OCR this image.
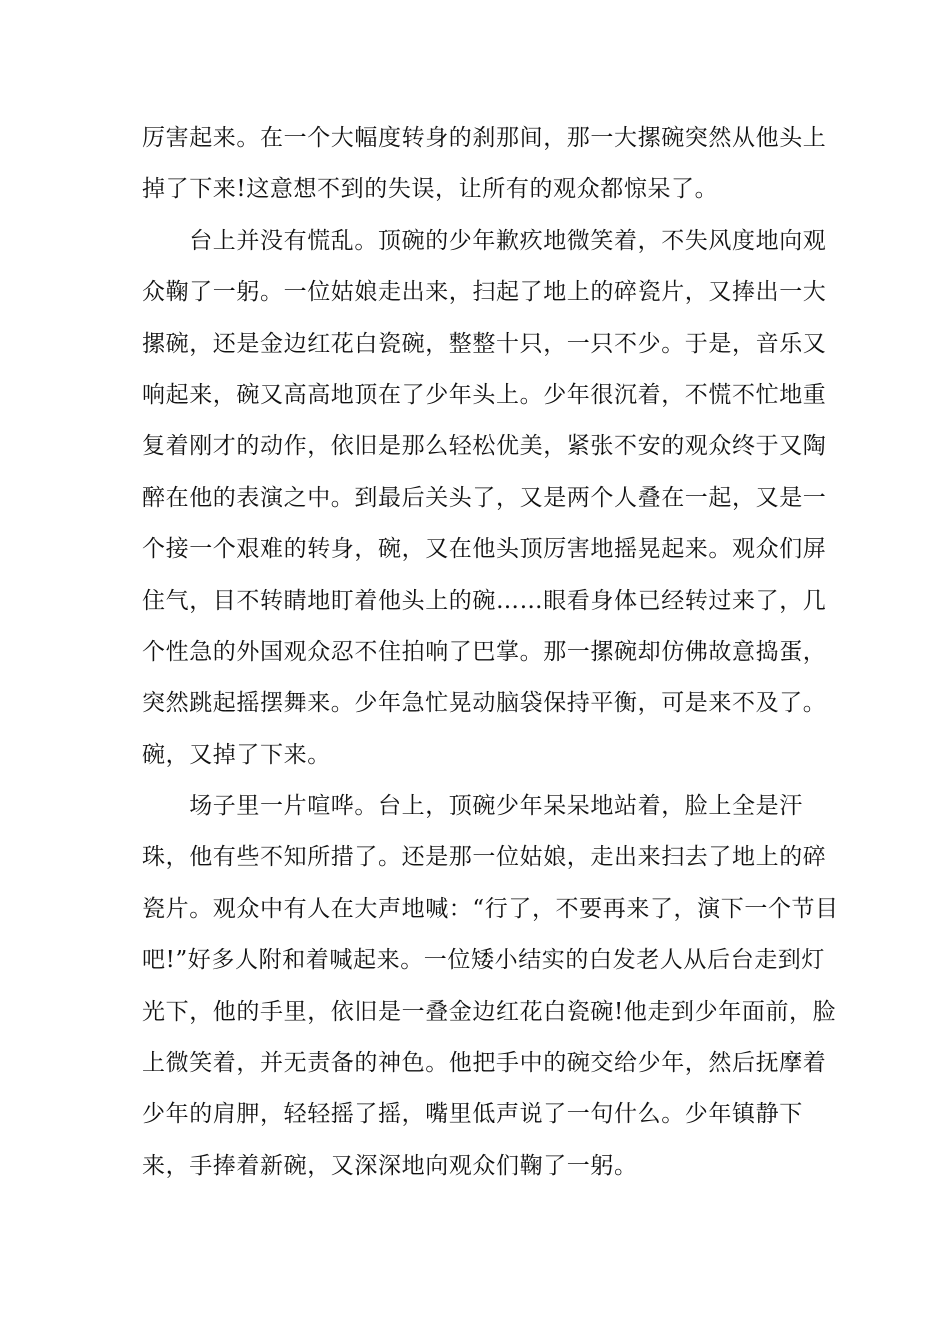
厉害起来。在一个大幅度转身的刹那间，那一大摞碗突然从他头上
掉了下来!这意想不到的失误，让所有的观众都惊呆了。
　　台上并没有慌乱。顶碗的少年歉疚地微笑着，不失风度地向观
众鞠了一躬。一位姑娘走出来，扫起了地上的碎瓷片，又捧出一大
摞碗，还是金边红花白瓷碗，整整十只，一只不少。于是，音乐又
响起来，碗又高高地顶在了少年头上。少年很沉着，不慌不忙地重
复着刚才的动作，依旧是那么轻松优美，紧张不安的观众终于又陶
醉在他的表演之中。到最后关头了，又是两个人叠在一起，又是一
个接一个艰难的转身，碗，又在他头顶厉害地摇晃起来。观众们屏
住气，目不转睛地盯着他头上的碗……眼看身体已经转过来了，几
个性急的外国观众忍不住拍响了巴掌。那一摞碗却仿佛故意捣蛋，
突然跳起摇摆舞来。少年急忙晃动脑袋保持平衡，可是来不及了。
碗，又掉了下来。
　　场子里一片喧哗。台上，顶碗少年呆呆地站着，脸上全是汗
珠，他有些不知所措了。还是那一位姑娘，走出来扫去了地上的碎
瓷片。观众中有人在大声地喊：“行了，不要再来了，演下一个节目
吧!”好多人附和着喊起来。一位矮小结实的白发老人从后台走到灯
光下，他的手里，依旧是一叠金边红花白瓷碗!他走到少年面前，脸
上微笑着，并无责备的神色。他把手中的碗交给少年，然后抚摩着
少年的肩胛，轻轻摇了摇，嘴里低声说了一句什么。少年镇静下
来，手捧着新碗，又深深地向观众们鞠了一躬。
